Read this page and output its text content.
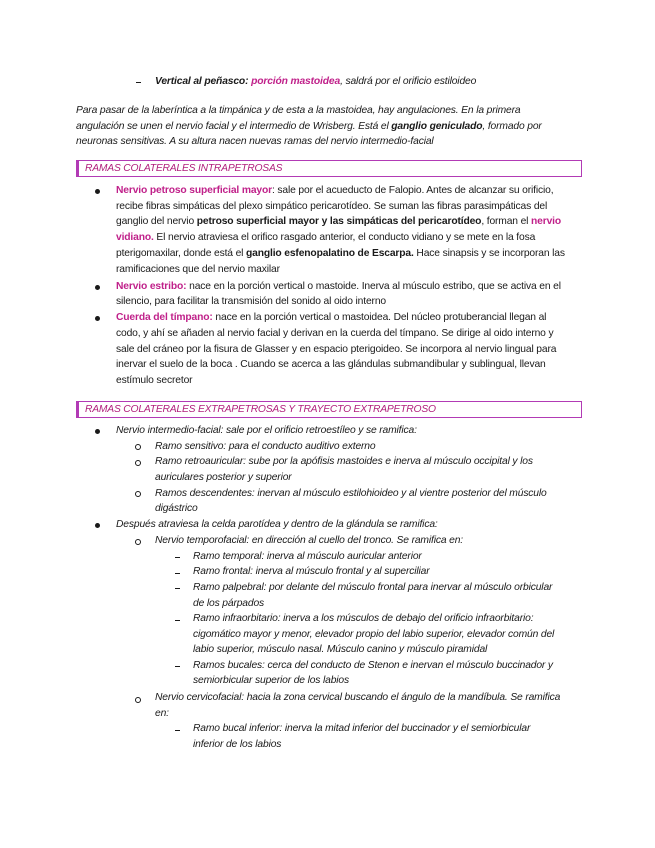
Vertical al peñasco: porción mastoidea, saldrá por el orificio estiloideo
Para pasar de la laberíntica a la timpánica y de esta a la mastoidea, hay angulaciones. En la primera
angulación se unen el nervio facial y el intermedio de Wrisberg. Está el ganglio geniculado, formado por
neuronas sensitivas. A su altura nacen nuevas ramas del nervio intermedio-facial
RAMAS COLATERALES INTRAPETROSAS
Nervio petroso superficial mayor: sale por el acueducto de Falopio. Antes de alcanzar su orificio,
recibe fibras simpáticas del plexo simpático pericarotídeo. Se suman las fibras parasimpáticas del
ganglio del nervio petroso superficial mayor y las simpáticas del pericarotídeo, forman el nervio
vidiano. El nervio atraviesa el orifico rasgado anterior, el conducto vidiano y se mete en la fosa
pterigomaxilar, donde está el ganglio esfenopalatino de Escarpa. Hace sinapsis y se incorporan las
ramificaciones que del nervio maxilar
Nervio estribo: nace en la porción vertical o mastoide. Inerva al músculo estribo, que se activa en el
silencio, para facilitar la transmisión del sonido al oido interno
Cuerda del tímpano: nace en la porción vertical o mastoidea. Del núcleo protuberancial llegan al
codo, y ahí se añaden al nervio facial y derivan en la cuerda del tímpano. Se dirige al oido interno y
sale del cráneo por la fisura de Glasser y en espacio pterigoideo. Se incorpora al nervio lingual para
inervar el suelo de la boca . Cuando se acerca a las glándulas submandibular y sublingual, llevan
estímulo secretor
RAMAS COLATERALES EXTRAPETROSAS Y TRAYECTO EXTRAPETROSO
Nervio intermedio-facial: sale por el orificio retroestíleo y se ramifica:
Ramo sensitivo: para el conducto auditivo externo
Ramo retroauricular: sube por la apófisis mastoides e inerva al músculo occipital y los
auriculares posterior y superior
Ramos descendentes: inervan al músculo estilohioideo y al vientre posterior del músculo
digástrico
Después atraviesa la celda parotídea y dentro de la glándula se ramifica:
Nervio temporofacial: en dirección al cuello del tronco. Se ramifica en:
Ramo temporal: inerva al músculo auricular anterior
Ramo frontal: inerva al músculo frontal y al superciliar
Ramo palpebral: por delante del músculo frontal para inervar al músculo orbicular
de los párpados
Ramo infraorbitario: inerva a los músculos de debajo del orificio infraorbitario:
cigomático mayor y menor, elevador propio del labio superior, elevador común del
labio superior, músculo nasal. Músculo canino y músculo piramidal
Ramos bucales: cerca del conducto de Stenon e inervan el músculo buccinador y
semiorbicular superior de los labios
Nervio cervicofacial: hacia la zona cervical buscando el ángulo de la mandíbula. Se ramifica
en:
Ramo bucal inferior: inerva la mitad inferior del buccinador y el semiorbicular
inferior de los labios
